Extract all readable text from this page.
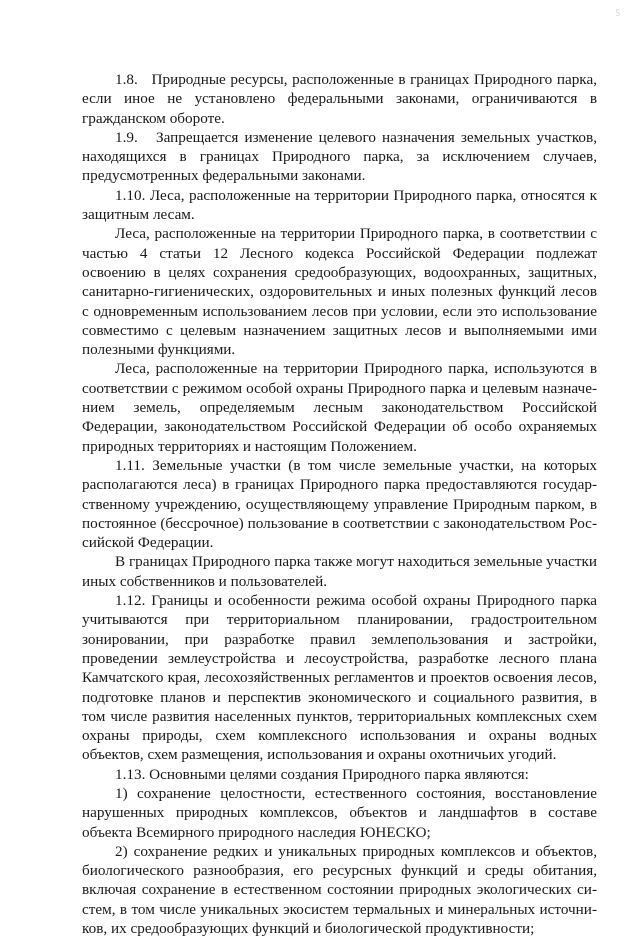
5

1.8.   Природные ресурсы, расположенные в границах Природного парка, если иное не установлено федеральными законами, ограничиваются в гражданском обороте.

1.9.   Запрещается изменение целевого назначения земельных участков, находящихся в границах Природного парка, за исключением случаев, предусмотренных федеральными законами.

1.10. Леса, расположенные на территории Природного парка, относятся к защитным лесам.

Леса, расположенные на территории Природного парка, в соответствии с частью 4 статьи 12 Лесного кодекса Российской Федерации подлежат освоению в целях сохранения средообразующих, водоохранных, защитных, санитарно-гигиенических, оздоровительных и иных полезных функций лесов с одновременным использованием лесов при условии, если это использование совместимо с целевым назначением защитных лесов и выполняемыми ими полезными функциями.

Леса, расположенные на территории Природного парка, используются в соответствии с режимом особой охраны Природного парка и целевым назначением земель, определяемым лесным законодательством Российской Федерации, законодательством Российской Федерации об особо охраняемых природных территориях и настоящим Положением.

1.11. Земельные участки (в том числе земельные участки, на которых располагаются леса) в границах Природного парка предоставляются государственному учреждению, осуществляющему управление Природным парком, в постоянное (бессрочное) пользование в соответствии с законодательством Российской Федерации.

В границах Природного парка также могут находиться земельные участки иных собственников и пользователей.

1.12. Границы и особенности режима особой охраны Природного парка учитываются при территориальном планировании, градостроительном зонировании, при разработке правил землепользования и застройки, проведении землеустройства и лесоустройства, разработке лесного плана Камчатского края, лесохозяйственных регламентов и проектов освоения лесов, подготовке планов и перспектив экономического и социального развития, в том числе развития населенных пунктов, территориальных комплексных схем охраны природы, схем комплексного использования и охраны водных объектов, схем размещения, использования и охраны охотничьих угодий.

1.13. Основными целями создания Природного парка являются:

1) сохранение целостности, естественного состояния, восстановление нарушенных природных комплексов, объектов и ландшафтов в составе объекта Всемирного природного наследия ЮНЕСКО;

2) сохранение редких и уникальных природных комплексов и объектов, биологического разнообразия, его ресурсных функций и среды обитания, включая сохранение в естественном состоянии природных экологических систем, в том числе уникальных экосистем термальных и минеральных источников, их средообразующих функций и биологической продуктивности;
